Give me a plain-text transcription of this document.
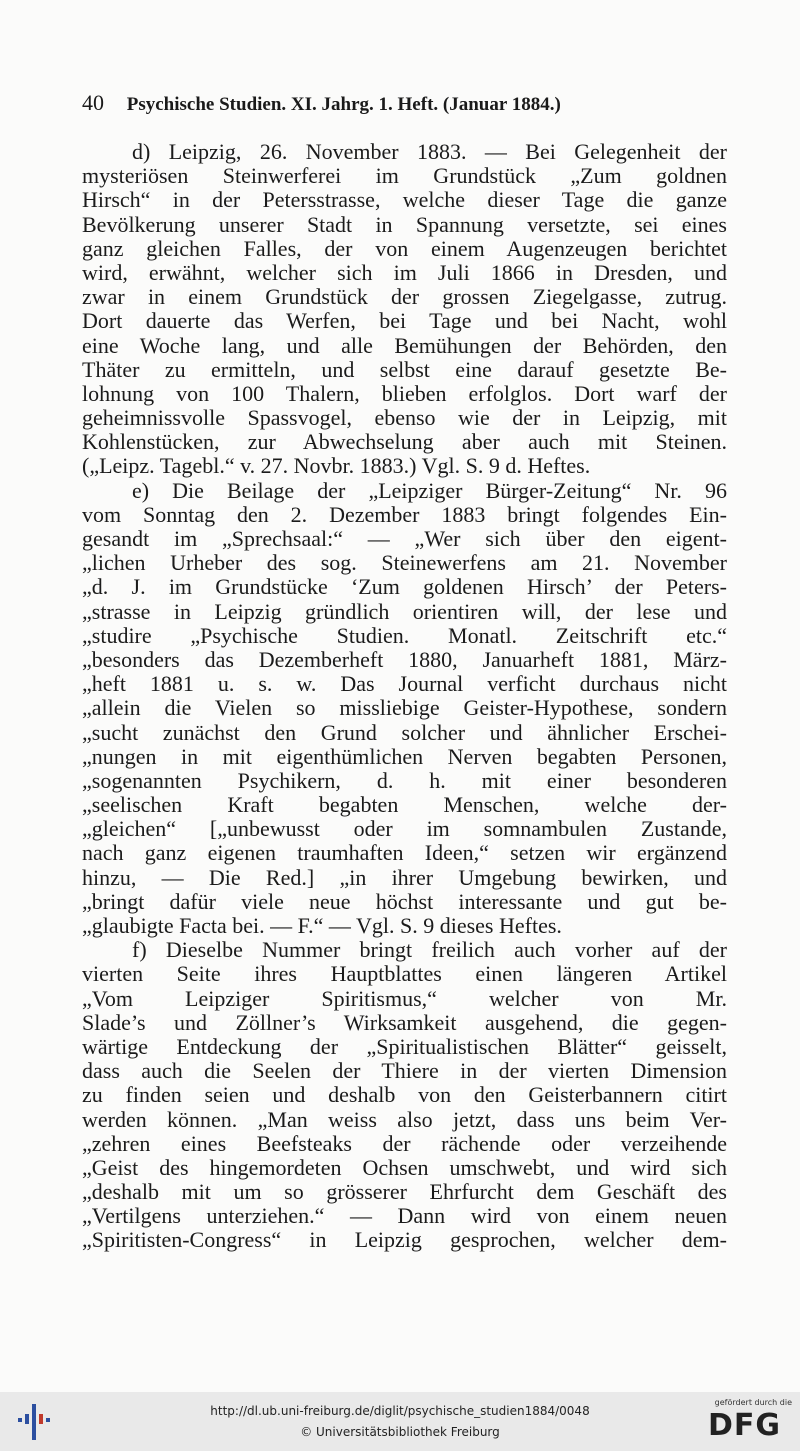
40 Psychische Studien. XI. Jahrg. 1. Heft. (Januar 1884.)
d) Leipzig, 26. November 1883. — Bei Gelegenheit der
mysteriösen Steinwerferei im Grundstück „Zum goldnen
Hirsch“ in der Petersstrasse, welche dieser Tage die ganze
Bevölkerung unserer Stadt in Spannung versetzte, sei eines
ganz gleichen Falles, der von einem Augenzeugen berichtet
wird, erwähnt, welcher sich im Juli 1866 in Dresden, und
zwar in einem Grundstück der grossen Ziegelgasse, zutrug.
Dort dauerte das Werfen, bei Tage und bei Nacht, wohl
eine Woche lang, und alle Bemühungen der Behörden, den
Thäter zu ermitteln, und selbst eine darauf gesetzte Be-
lohnung von 100 Thalern, blieben erfolglos. Dort warf der
geheimnissvolle Spassvogel, ebenso wie der in Leipzig, mit
Kohlenstücken, zur Abwechselung aber auch mit Steinen.
(„Leipz. Tagebl.“ v. 27. Novbr. 1883.) Vgl. S. 9 d. Heftes.
e) Die Beilage der „Leipziger Bürger-Zeitung“ Nr. 96
vom Sonntag den 2. Dezember 1883 bringt folgendes Ein-
gesandt im „Sprechsaal:“ — „Wer sich über den eigent-
„lichen Urheber des sog. Steinewerfens am 21. November
„d. J. im Grundstücke ‘Zum goldenen Hirsch’ der Peters-
„strasse in Leipzig gründlich orientiren will, der lese und
„studire „Psychische Studien. Monatl. Zeitschrift etc.“
„besonders das Dezemberheft 1880, Januarheft 1881, März-
„heft 1881 u. s. w. Das Journal verficht durchaus nicht
„allein die Vielen so missliebige Geister-Hypothese, sondern
„sucht zunächst den Grund solcher und ähnlicher Erschei-
„nungen in mit eigenthümlichen Nerven begabten Personen,
„sogenannten Psychikern, d. h. mit einer besonderen
„seelischen Kraft begabten Menschen, welche der-
„gleichen“ [„unbewusst oder im somnambulen Zustande,
nach ganz eigenen traumhaften Ideen,“ setzen wir ergänzend
hinzu, — Die Red.] „in ihrer Umgebung bewirken, und
„bringt dafür viele neue höchst interessante und gut be-
„glaubigte Facta bei. — F.“ — Vgl. S. 9 dieses Heftes.
f) Dieselbe Nummer bringt freilich auch vorher auf der
vierten Seite ihres Hauptblattes einen längeren Artikel
„Vom Leipziger Spiritismus,“ welcher von Mr.
Slade’s und Zöllner’s Wirksamkeit ausgehend, die gegen-
wärtige Entdeckung der „Spiritualistischen Blätter“ geisselt,
dass auch die Seelen der Thiere in der vierten Dimension
zu finden seien und deshalb von den Geisterbannern citirt
werden können. „Man weiss also jetzt, dass uns beim Ver-
„zehren eines Beefsteaks der rächende oder verzeihende
„Geist des hingemordeten Ochsen umschwebt, und wird sich
„deshalb mit um so grösserer Ehrfurcht dem Geschäft des
„Vertilgens unterziehen.“ — Dann wird von einem neuen
„Spiritisten-Congress“ in Leipzig gesprochen, welcher dem-
http://dl.ub.uni-freiburg.de/diglit/psychische_studien1884/0048
© Universitätsbibliothek Freiburg
gefördert durch die
DFG
